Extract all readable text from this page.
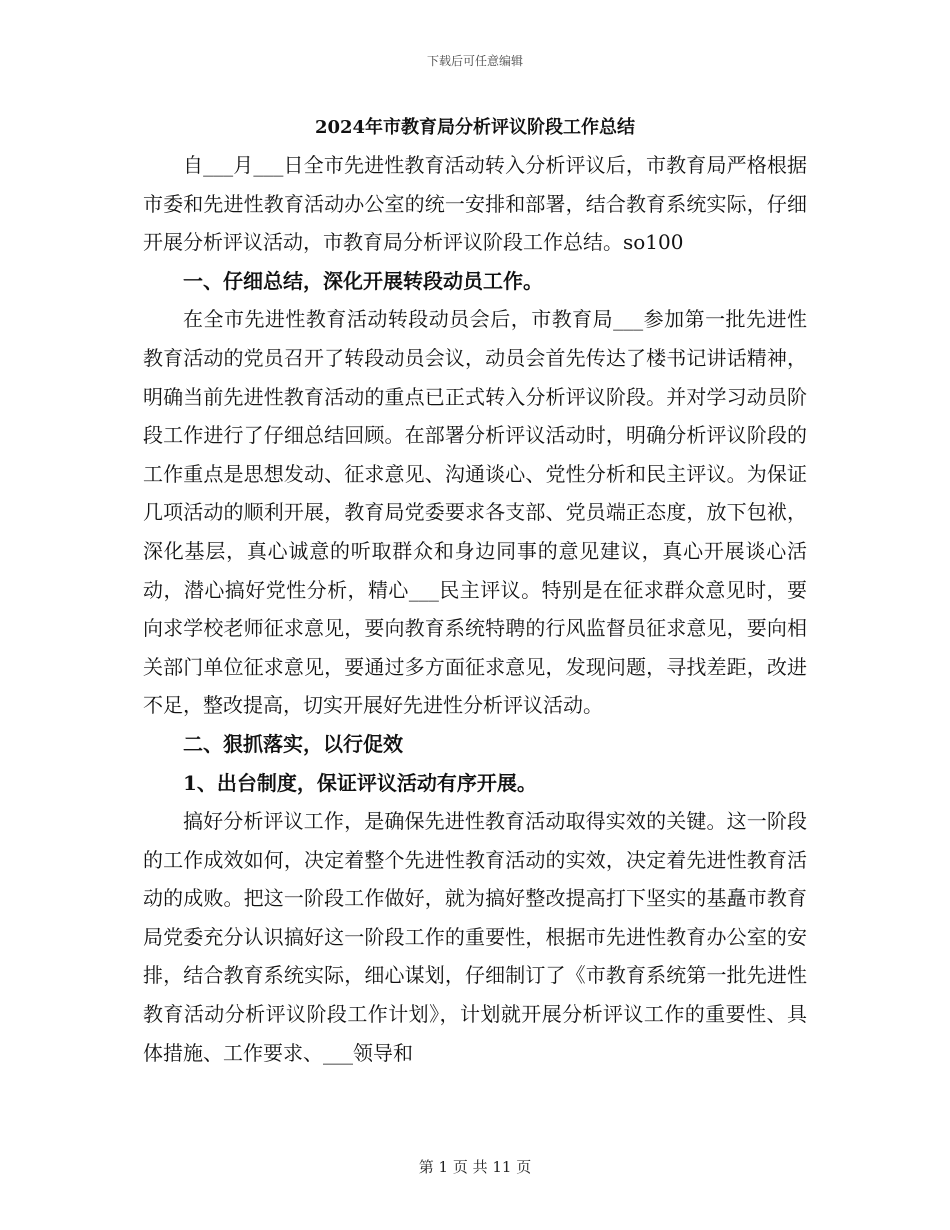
下载后可任意编辑
2024年市教育局分析评议阶段工作总结

自___月___日全市先进性教育活动转入分析评议后，市教育局严格根据市委和先进性教育活动办公室的统一安排和部署，结合教育系统实际，仔细开展分析评议活动，市教育局分析评议阶段工作总结。so100

一、仔细总结，深化开展转段动员工作。

在全市先进性教育活动转段动员会后，市教育局___参加第一批先进性教育活动的党员召开了转段动员会议，动员会首先传达了楼书记讲话精神，明确当前先进性教育活动的重点已正式转入分析评议阶段。并对学习动员阶段工作进行了仔细总结回顾。在部署分析评议活动时，明确分析评议阶段的工作重点是思想发动、征求意见、沟通谈心、党性分析和民主评议。为保证几项活动的顺利开展，教育局党委要求各支部、党员端正态度，放下包袱，深化基层，真心诚意的听取群众和身边同事的意见建议，真心开展谈心活动，潜心搞好党性分析，精心___民主评议。特别是在征求群众意见时，要向求学校老师征求意见，要向教育系统特聘的行风监督员征求意见，要向相关部门单位征求意见，要通过多方面征求意见，发现问题，寻找差距，改进不足，整改提高，切实开展好先进性分析评议活动。

二、狠抓落实，以行促效

1、出台制度，保证评议活动有序开展。

搞好分析评议工作，是确保先进性教育活动取得实效的关键。这一阶段的工作成效如何，决定着整个先进性教育活动的实效，决定着先进性教育活动的成败。把这一阶段工作做好，就为搞好整改提高打下坚实的基矗市教育局党委充分认识搞好这一阶段工作的重要性，根据市先进性教育办公室的安排，结合教育系统实际，细心谋划，仔细制订了《市教育系统第一批先进性教育活动分析评议阶段工作计划》，计划就开展分析评议工作的重要性、具体措施、工作要求、___领导和

第 1 页 共 11 页
